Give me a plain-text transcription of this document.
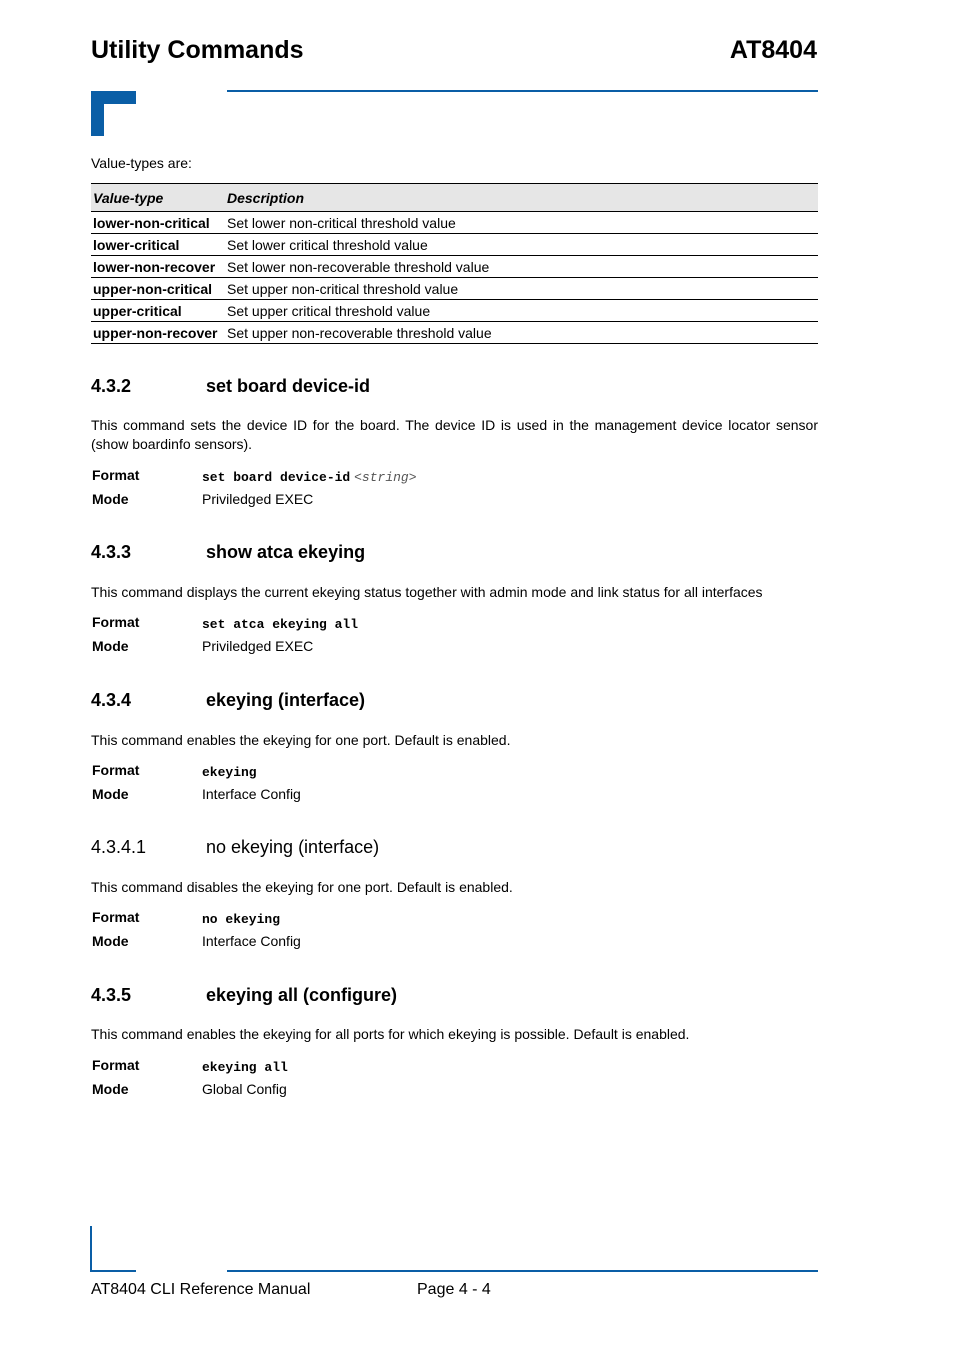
Utility Commands	AT8404
Value-types are:
Value-type	Description
lower-non-critical	Set lower non-critical threshold value
lower-critical	Set lower critical threshold value
lower-non-recover	Set lower non-recoverable threshold value
upper-non-critical	Set upper non-critical threshold value
upper-critical	Set upper critical threshold value
upper-non-recover	Set upper non-recoverable threshold value
4.3.2	set board device-id
This command sets the device ID for the board. The device ID is used in the management device locator sensor (show boardinfo sensors).
Format	set board device-id <string>
Mode	Priviledged EXEC
4.3.3	show atca ekeying
This command displays the current ekeying status together with admin mode and link status for all interfaces
Format	set atca ekeying all
Mode	Priviledged EXEC
4.3.4	ekeying (interface)
This command enables the ekeying for one port. Default is enabled.
Format	ekeying
Mode	Interface Config
4.3.4.1	no ekeying (interface)
This command disables the ekeying for one port. Default is enabled.
Format	no ekeying
Mode	Interface Config
4.3.5	ekeying all (configure)
This command enables the ekeying for all ports for which ekeying is possible. Default is enabled.
Format	ekeying all
Mode	Global Config
AT8404 CLI Reference Manual	Page 4 - 4
